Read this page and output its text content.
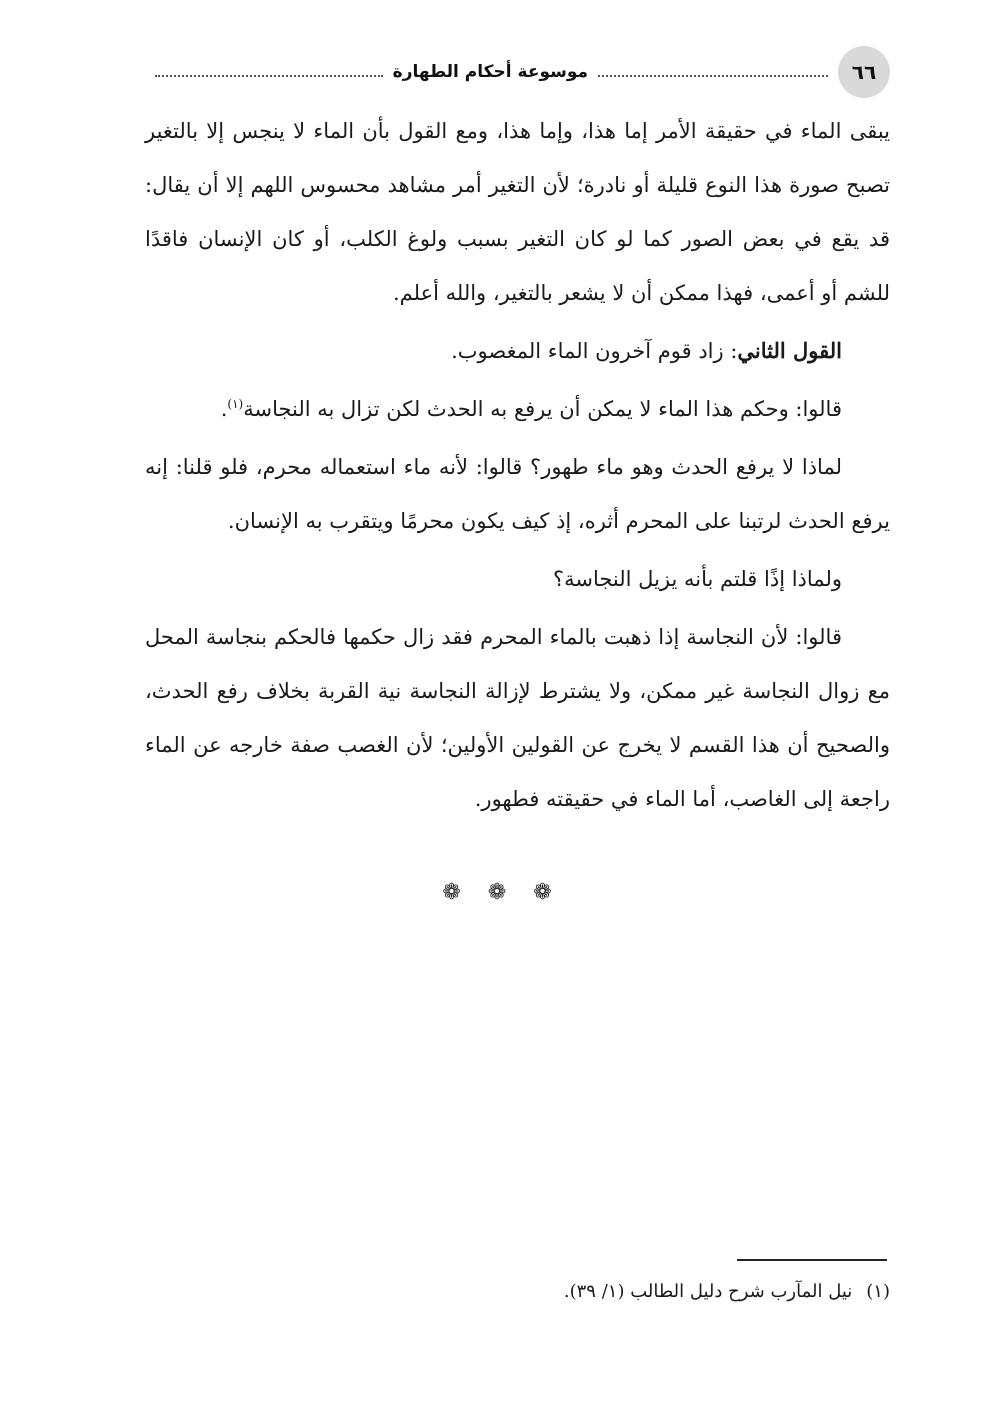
٦٦
موسوعة أحكام الطهارة

يبقى الماء في حقيقة الأمر إما هذا، وإما هذا، ومع القول بأن الماء لا ينجس إلا بالتغير تصبح صورة هذا النوع قليلة أو نادرة؛ لأن التغير أمر مشاهد محسوس اللهم إلا أن يقال: قد يقع في بعض الصور كما لو كان التغير بسبب ولوغ الكلب، أو كان الإنسان فاقدًا للشم أو أعمى، فهذا ممكن أن لا يشعر بالتغير، والله أعلم.

القول الثاني: زاد قوم آخرون الماء المغصوب.

قالوا: وحكم هذا الماء لا يمكن أن يرفع به الحدث لكن تزال به النجاسة$^{(١)}$.

لماذا لا يرفع الحدث وهو ماء طهور؟ قالوا: لأنه ماء استعماله محرم، فلو قلنا: إنه يرفع الحدث لرتبنا على المحرم أثره، إذ كيف يكون محرمًا ويتقرب به الإنسان.

ولماذا إذًا قلتم بأنه يزيل النجاسة؟

قالوا: لأن النجاسة إذا ذهبت بالماء المحرم فقد زال حكمها فالحكم بنجاسة المحل مع زوال النجاسة غير ممكن، ولا يشترط لإزالة النجاسة نية القربة بخلاف رفع الحدث، والصحيح أن هذا القسم لا يخرج عن القولين الأولين؛ لأن الغصب صفة خارجه عن الماء راجعة إلى الغاصب، أما الماء في حقيقته فطهور.

❁ ❁ ❁
(١)نيل المآرب شرح دليل الطالب (١/ ٣٩).
